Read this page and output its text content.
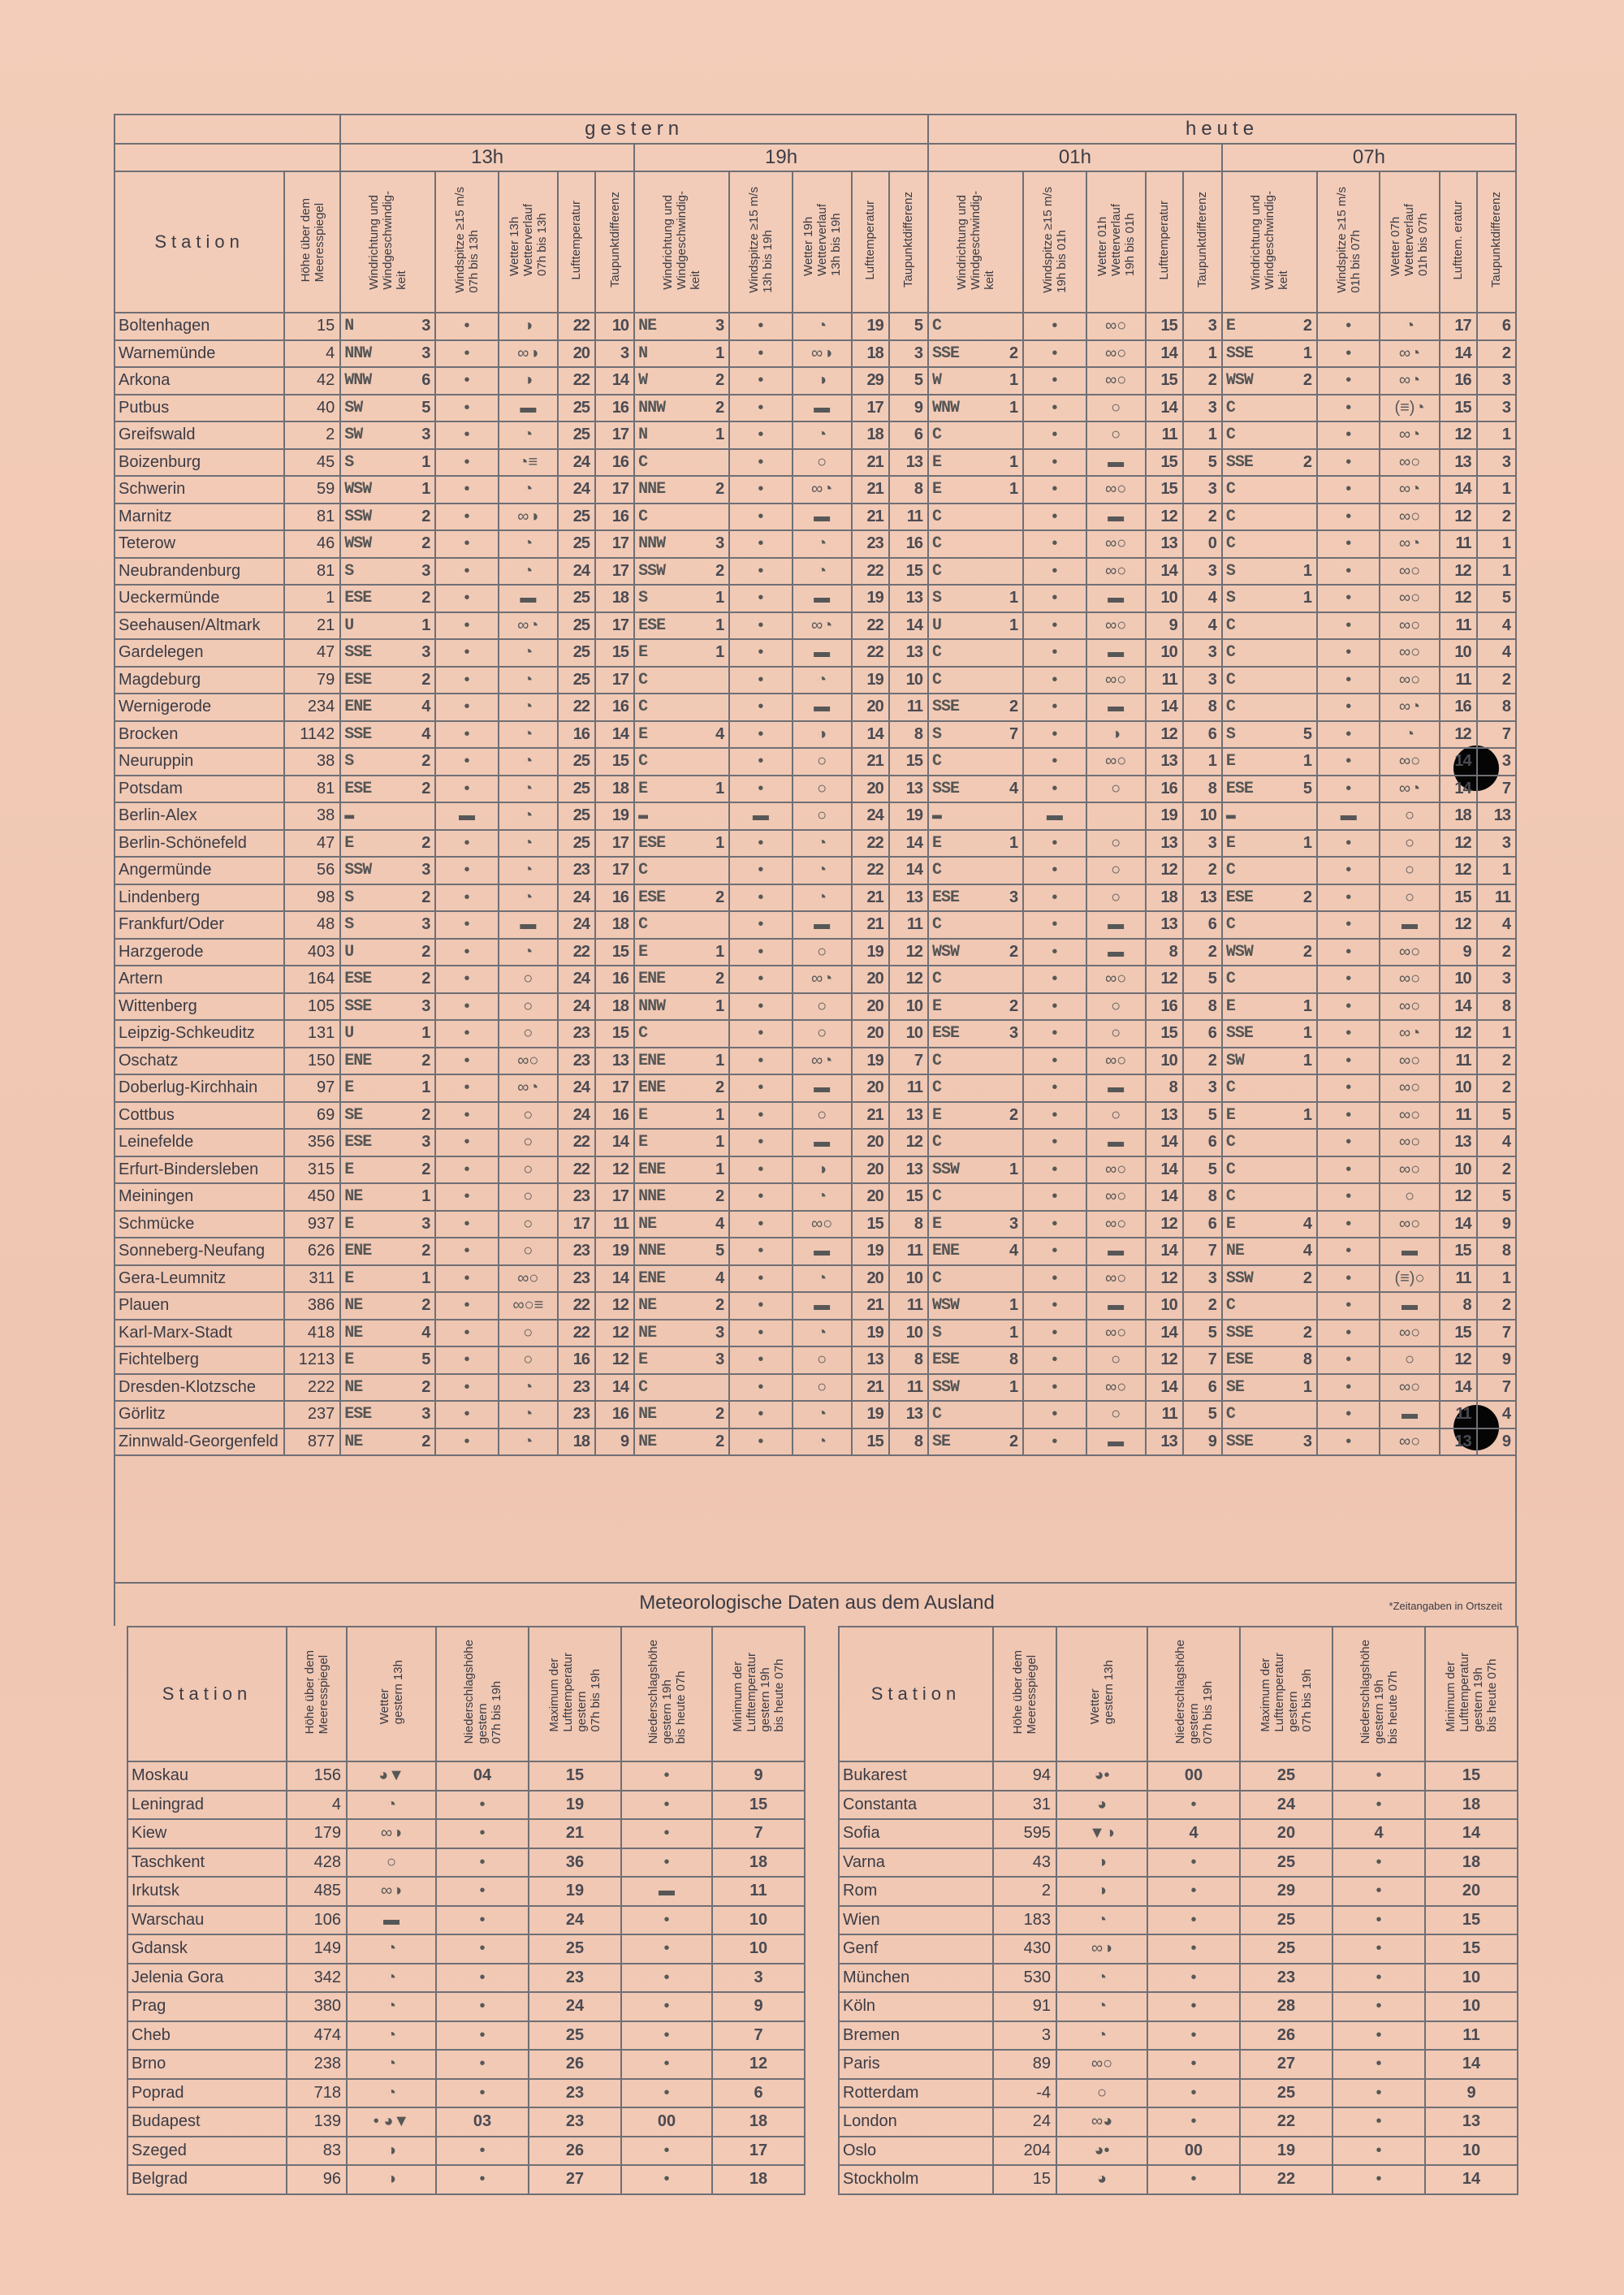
		gestern												heute											
		13h						19h						01h						07h					
Station	Höhe über dem
Meeresspiegel	Windrichtung und
Windgeschwindig-
keit		Windspitze ≥15 m/s
07h bis 13h	Wetter 13h
Wetterverlauf
07h bis 13h	Lufttemperatur	Taupunktdifferenz	Windrichtung und
Windgeschwindig-
keit		Windspitze ≥15 m/s
13h bis 19h	Wetter 19h
Wetterverlauf
13h bis 19h	Lufttemperatur	Taupunktdifferenz	Windrichtung und
Windgeschwindig-
keit		Windspitze ≥15 m/s
19h bis 01h	Wetter 01h
Wetterverlauf
19h bis 01h	Lufttemperatur	Taupunktdifferenz	Windrichtung und
Windgeschwindig-
keit		Windspitze ≥15 m/s
01h bis 07h	Wetter 07h
Wetterverlauf
01h bis 07h	Lufttem. eratur	Taupunktdifferenz
Boltenhagen	15	N	3	•	◑	22	10	NE	3	•	◔	19	5	C		•	∞○	15	3	E	2	•	◔	17	6
Warnemünde	4	NNW	3	•	∞◑	20	3	N	1	•	∞◑	18	3	SSE	2	•	∞○	14	1	SSE	1	•	∞◔	14	2
Arkona	42	WNW	6	•	◑	22	14	W	2	•	◑	29	5	W	1	•	∞○	15	2	WSW	2	•	∞◔	16	3
Putbus	40	SW	5	•	▬	25	16	NNW	2	•	▬	17	9	WNW	1	•	○	14	3	C		•	(≡)◔	15	3
Greifswald	2	SW	3	•	◔	25	17	N	1	•	◔	18	6	C		•	○	11	1	C		•	∞◔	12	1
Boizenburg	45	S	1	•	◔≡	24	16	C		•	○	21	13	E	1	•	▬	15	5	SSE	2	•	∞○	13	3
Schwerin	59	WSW	1	•	◔	24	17	NNE	2	•	∞◔	21	8	E	1	•	∞○	15	3	C		•	∞◔	14	1
Marnitz	81	SSW	2	•	∞◑	25	16	C		•	▬	21	11	C		•	▬	12	2	C		•	∞○	12	2
Teterow	46	WSW	2	•	◔	25	17	NNW	3	•	◔	23	16	C		•	∞○	13	0	C		•	∞◔	11	1
Neubrandenburg	81	S	3	•	◔	24	17	SSW	2	•	◔	22	15	C		•	∞○	14	3	S	1	•	∞○	12	1
Ueckermünde	1	ESE	2	•	▬	25	18	S	1	•	▬	19	13	S	1	•	▬	10	4	S	1	•	∞○	12	5
Seehausen/Altmark	21	U	1	•	∞◔	25	17	ESE	1	•	∞◔	22	14	U	1	•	∞○	9	4	C		•	∞○	11	4
Gardelegen	47	SSE	3	•	◔	25	15	E	1	•	▬	22	13	C		•	▬	10	3	C		•	∞○	10	4
Magdeburg	79	ESE	2	•	◔	25	17	C		•	◔	19	10	C		•	∞○	11	3	C		•	∞○	11	2
Wernigerode	234	ENE	4	•	◔	22	16	C		•	▬	20	11	SSE	2	•	▬	14	8	C		•	∞◔	16	8
Brocken	1142	SSE	4	•	◔	16	14	E	4	•	◑	14	8	S	7	•	◑	12	6	S	5	•	◔	12	7
Neuruppin	38	S	2	•	◔	25	15	C		•	○	21	15	C		•	∞○	13	1	E	1	•	∞○	14	3
Potsdam	81	ESE	2	•	◔	25	18	E	1	•	○	20	13	SSE	4	•	○	16	8	ESE	5	•	∞◔	14	7
Berlin-Alex	38	▬		▬	◔	25	19	▬		▬	○	24	19	▬		▬		19	10	▬		▬	○	18	13
Berlin-Schönefeld	47	E	2	•	◔	25	17	ESE	1	•	◔	22	14	E	1	•	○	13	3	E	1	•	○	12	3
Angermünde	56	SSW	3	•	◔	23	17	C		•	◔	22	14	C		•	○	12	2	C		•	○	12	1
Lindenberg	98	S	2	•	◔	24	16	ESE	2	•	◔	21	13	ESE	3	•	○	18	13	ESE	2	•	○	15	11
Frankfurt/Oder	48	S	3	•	▬	24	18	C		•	▬	21	11	C		•	▬	13	6	C		•	▬	12	4
Harzgerode	403	U	2	•	◔	22	15	E	1	•	○	19	12	WSW	2	•	▬	8	2	WSW	2	•	∞○	9	2
Artern	164	ESE	2	•	○	24	16	ENE	2	•	∞◔	20	12	C		•	∞○	12	5	C		•	∞○	10	3
Wittenberg	105	SSE	3	•	○	24	18	NNW	1	•	○	20	10	E	2	•	○	16	8	E	1	•	∞○	14	8
Leipzig-Schkeuditz	131	U	1	•	○	23	15	C		•	○	20	10	ESE	3	•	○	15	6	SSE	1	•	∞◔	12	1
Oschatz	150	ENE	2	•	∞○	23	13	ENE	1	•	∞◔	19	7	C		•	∞○	10	2	SW	1	•	∞○	11	2
Doberlug-Kirchhain	97	E	1	•	∞◔	24	17	ENE	2	•	▬	20	11	C		•	▬	8	3	C		•	∞○	10	2
Cottbus	69	SE	2	•	○	24	16	E	1	•	○	21	13	E	2	•	○	13	5	E	1	•	∞○	11	5
Leinefelde	356	ESE	3	•	○	22	14	E	1	•	▬	20	12	C		•	▬	14	6	C		•	∞○	13	4
Erfurt-Bindersleben	315	E	2	•	○	22	12	ENE	1	•	◑	20	13	SSW	1	•	∞○	14	5	C		•	∞○	10	2
Meiningen	450	NE	1	•	○	23	17	NNE	2	•	◔	20	15	C		•	∞○	14	8	C		•	○	12	5
Schmücke	937	E	3	•	○	17	11	NE	4	•	∞○	15	8	E	3	•	∞○	12	6	E	4	•	∞○	14	9
Sonneberg-Neufang	626	ENE	2	•	○	23	19	NNE	5	•	▬	19	11	ENE	4	•	▬	14	7	NE	4	•	▬	15	8
Gera-Leumnitz	311	E	1	•	∞○	23	14	ENE	4	•	◔	20	10	C		•	∞○	12	3	SSW	2	•	(≡)○	11	1
Plauen	386	NE	2	•	∞○≡	22	12	NE	2	•	▬	21	11	WSW	1	•	▬	10	2	C		•	▬	8	2
Karl-Marx-Stadt	418	NE	4	•	○	22	12	NE	3	•	◔	19	10	S	1	•	∞○	14	5	SSE	2	•	∞○	15	7
Fichtelberg	1213	E	5	•	○	16	12	E	3	•	○	13	8	ESE	8	•	○	12	7	ESE	8	•	○	12	9
Dresden-Klotzsche	222	NE	2	•	◔	23	14	C		•	○	21	11	SSW	1	•	∞○	14	6	SE	1	•	∞○	14	7
Görlitz	237	ESE	3	•	◔	23	16	NE	2	•	◔	19	13	C		•	○	11	5	C		•	▬	11	4
Zinnwald-Georgenfeld	877	NE	2	•	◔	18	9	NE	2	•	◔	15	8	SE	2	•	▬	13	9	SSE	3	•	∞○	13	9
Meteorologische Daten aus dem Ausland	*Zeitangaben in Ortszeit
Station	Höhe über dem
Meeresspiegel	Wetter
gestern 13h	Niederschlagshöhe
gestern
07h bis 19h	Maximum der
Lufttemperatur
gestern
07h bis 19h	Niederschlagshöhe
gestern 19h
bis heute 07h	Minimum der
Lufttemperatur
gestern 19h
bis heute 07h
Moskau	156	◕▼	04	15	•	9
Leningrad	4	◔	•	19	•	15
Kiew	179	∞◑	•	21	•	7
Taschkent	428	○	•	36	•	18
Irkutsk	485	∞◑	•	19	▬	11
Warschau	106	▬	•	24	•	10
Gdansk	149	◔	•	25	•	10
Jelenia Gora	342	◔	•	23	•	3
Prag	380	◔	•	24	•	9
Cheb	474	◔	•	25	•	7
Brno	238	◔	•	26	•	12
Poprad	718	◔	•	23	•	6
Budapest	139	• ◕▼	03	23	00	18
Szeged	83	◑	•	26	•	17
Belgrad	96	◑	•	27	•	18
Station	Höhe über dem
Meeresspiegel	Wetter
gestern 13h	Niederschlagshöhe
gestern
07h bis 19h	Maximum der
Lufttemperatur
gestern
07h bis 19h	Niederschlagshöhe
gestern 19h
bis heute 07h	Minimum der
Lufttemperatur
gestern 19h
bis heute 07h
Bukarest	94	◕•	00	25	•	15
Constanta	31	◕	•	24	•	18
Sofia	595	▼◑	4	20	4	14
Varna	43	◑	•	25	•	18
Rom	2	◑	•	29	•	20
Wien	183	◔	•	25	•	15
Genf	430	∞◑	•	25	•	15
München	530	◔	•	23	•	10
Köln	91	◔	•	28	•	10
Bremen	3	◔	•	26	•	11
Paris	89	∞○	•	27	•	14
Rotterdam	-4	○	•	25	•	9
London	24	∞◕	•	22	•	13
Oslo	204	◕•	00	19	•	10
Stockholm	15	◕	•	22	•	14
